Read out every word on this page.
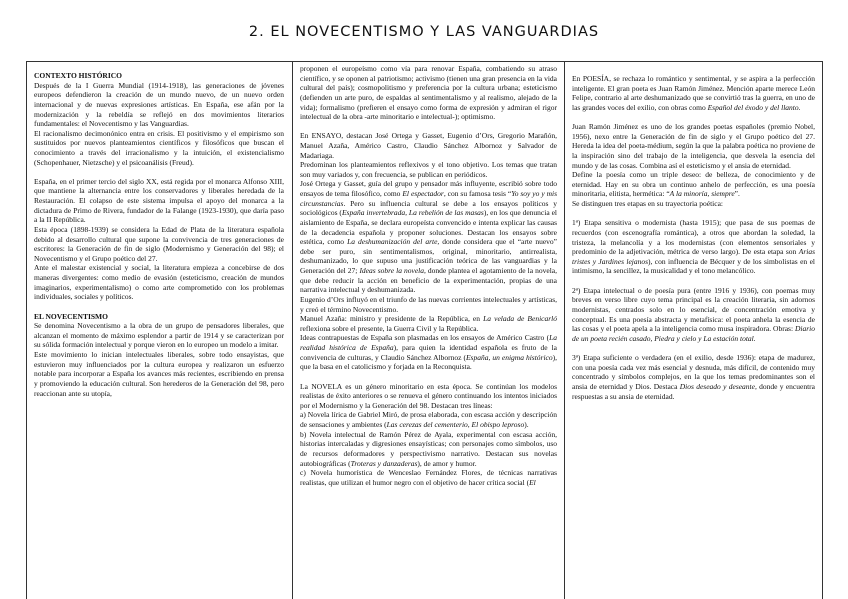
2. EL NOVECENTISMO Y LAS VANGUARDIAS
CONTEXTO HISTÓRICO

Después de la I Guerra Mundial (1914-1918), las generaciones de jóvenes europeos defendieron la creación de un mundo nuevo, de un nuevo orden internacional y de nuevas expresiones artísticas. En España, ese afán por la modernización y la rebeldía se reflejó en dos movimientos literarios fundamentales: el Novecentismo y las Vanguardias.

El racionalismo decimonónico entra en crisis. El positivismo y el empirismo son sustituidos por nuevos planteamientos científicos y filosóficos que buscan el conocimiento a través del irracionalismo y la intuición, el existencialismo (Schopenhauer, Nietzsche) y el psicoanálisis (Freud).

España, en el primer tercio del siglo XX, está regida por el monarca Alfonso XIII, que mantiene la alternancia entre los conservadores y liberales heredada de la Restauración. El colapso de este sistema impulsa el apoyo del monarca a la dictadura de Primo de Rivera, fundador de la Falange (1923-1930), que daría paso a la II República.

Esta época (1898-1939) se considera la Edad de Plata de la literatura española debido al desarrollo cultural que supone la convivencia de tres generaciones de escritores: la Generación de fin de siglo (Modernismo y Generación del 98); el Novecentismo y el Grupo poético del 27.

Ante el malestar existencial y social, la literatura empieza a concebirse de dos maneras divergentes: como medio de evasión (esteticismo, creación de mundos imaginarios, experimentalismo) o como arte comprometido con los problemas individuales, sociales y políticos.

EL NOVECENTISMO

Se denomina Novecentismo a la obra de un grupo de pensadores liberales, que alcanzan el momento de máximo esplendor a partir de 1914 y se caracterizan por su sólida formación intelectual y porque vieron en lo europeo un modelo a imitar.

Este movimiento lo inician intelectuales liberales, sobre todo ensayistas, que estuvieron muy influenciados por la cultura europea y realizaron un esfuerzo notable para incorporar a España los avances más recientes, escribiendo en prensa y promoviendo la educación cultural. Son herederos de la Generación del 98, pero reaccionan ante su utopía,

proponen el europeísmo como vía para renovar España, combatiendo su atraso científico, y se oponen al patriotismo; activismo (tienen una gran presencia en la vida cultural del país); cosmopolitismo y preferencia por la cultura urbana; esteticismo (defienden un arte puro, de espaldas al sentimentalismo y al realismo, alejado de la vida); formalismo (prefieren el ensayo como forma de expresión y admiran el rigor intelectual de la obra -arte minoritario e intelectual-); optimismo.

En ENSAYO, destacan José Ortega y Gasset, Eugenio d’Ors, Gregorio Marañón, Manuel Azaña, Américo Castro, Claudio Sánchez Albornoz y Salvador de Madariaga.

Predominan los planteamientos reflexivos y el tono objetivo. Los temas que tratan son muy variados y, con frecuencia, se publican en periódicos.

José Ortega y Gasset, guía del grupo y pensador más influyente, escribió sobre todo ensayos de tema filosófico, como El espectador, con su famosa tesis “Yo soy yo y mis circunstancias. Pero su influencia cultural se debe a los ensayos políticos y sociológicos (España invertebrada, La rebelión de las masas), en los que denuncia el aislamiento de España, se declara europeísta convencido e intenta explicar las causas de la decadencia española y proponer soluciones. Destacan los ensayos sobre estética, como La deshumanización del arte, donde considera que el “arte nuevo” debe ser puro, sin sentimentalismos, original, minoritario, antirrealista, deshumanizado, lo que supuso una justificación teórica de las vanguardias y la Generación del 27; Ideas sobre la novela, donde plantea el agotamiento de la novela, que debe reducir la acción en beneficio de la experimentación, propias de una narrativa intelectual y deshumanizada.

Eugenio d’Ors influyó en el triunfo de las nuevas corrientes intelectuales y artísticas, y creó el término Novecentismo.

Manuel Azaña: ministro y presidente de la República, en La velada de Benicarló reflexiona sobre el presente, la Guerra Civil y la República.

Ideas contrapuestas de España son plasmadas en los ensayos de Américo Castro (La realidad histórica de España), para quien la identidad española es fruto de la convivencia de culturas, y Claudio Sánchez Albornoz (España, un enigma histórico), que la basa en el catolicismo y forjada en la Reconquista.

La NOVELA es un género minoritario en esta época. Se continúan los modelos realistas de éxito anteriores o se renueva el género continuando los intentos iniciados por el Modernismo y la Generación del 98. Destacan tres líneas:

a) Novela lírica de Gabriel Miró, de prosa elaborada, con escasa acción y descripción de sensaciones y ambientes (Las cerezas del cementerio, El obispo leproso).

b) Novela intelectual de Ramón Pérez de Ayala, experimental con escasa acción, historias intercaladas y digresiones ensayísticas; con personajes como símbolos, uso de recursos deformadores y perspectivismo narrativo. Destacan sus novelas autobiográficas (Troteras y danzaderas), de amor y humor.

c) Novela humorística de Wenceslao Fernández Flores, de técnicas narrativas realistas, que utilizan el humor negro con el objetivo de hacer crítica social (El

En POESÍA, se rechaza lo romántico y sentimental, y se aspira a la perfección inteligente. El gran poeta es Juan Ramón Jiménez. Mención aparte merece León Felipe, contrario al arte deshumanizado que se convirtió tras la guerra, en uno de las grandes voces del exilio, con obras como Español del éxodo y del llanto.

Juan Ramón Jiménez es uno de los grandes poetas españoles (premio Nobel, 1956), nexo entre la Generación de fin de siglo y el Grupo poético del 27. Hereda la idea del poeta-médium, según la que la palabra poética no proviene de la inspiración sino del trabajo de la inteligencia, que desvela la esencia del mundo y de las cosas. Combina así el esteticismo y el ansia de eternidad.

Define la poesía como un triple deseo: de belleza, de conocimiento y de eternidad. Hay en su obra un continuo anhelo de perfección, es una poesía minoritaria, elitista, hermética: “A la minoría, siempre”.

Se distinguen tres etapas en su trayectoria poética:

1ª) Etapa sensitiva o modernista (hasta 1915); que pasa de sus poemas de recuerdos (con escenografía romántica), a otros que abordan la soledad, la tristeza, la melancolía y a los modernistas (con elementos sensoriales y predominio de la adjetivación, métrica de verso largo). De esta etapa son Arias tristes y Jardines lejanos), con influencia de Bécquer y de los simbolistas en el intimismo, la sencillez, la musicalidad y el tono melancólico.

2ª) Etapa intelectual o de poesía pura (entre 1916 y 1936), con poemas muy breves en verso libre cuyo tema principal es la creación literaria, sin adornos modernistas, centrados solo en lo esencial, de concentración emotiva y conceptual. Es una poesía abstracta y metafísica: el poeta anhela la esencia de las cosas y el poeta apela a la inteligencia como musa inspiradora. Obras: Diario de un poeta recién casado, Piedra y cielo y La estación total.

3ª) Etapa suficiente o verdadera (en el exilio, desde 1936): etapa de madurez, con una poesía cada vez más esencial y desnuda, más difícil, de contenido muy concentrado y símbolos complejos, en la que los temas predominantes son el ansia de eternidad y Dios. Destaca Dios deseado y deseante, donde y encuentra respuestas a su ansia de eternidad.
